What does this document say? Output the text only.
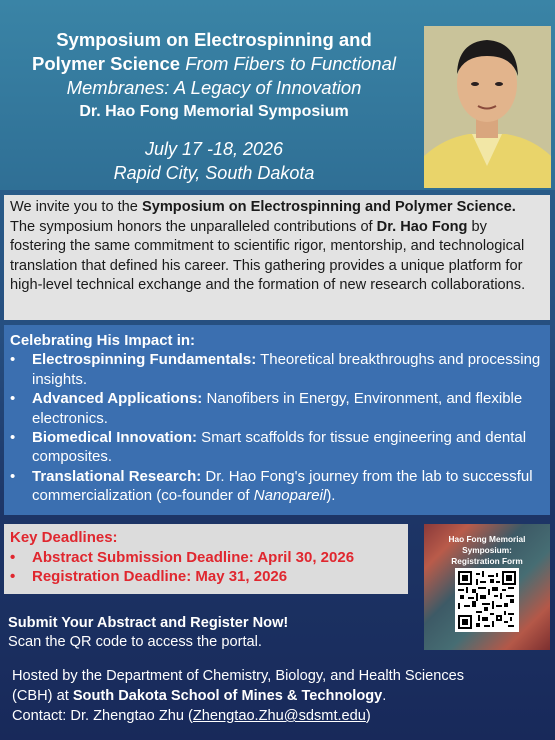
Symposium on Electrospinning and
Polymer Science From Fibers to Functional
Membranes: A Legacy of Innovation
Dr. Hao Fong Memorial Symposium
July 17 -18, 2026
Rapid City, South Dakota
We invite you to the Symposium on Electrospinning and Polymer Science. The symposium honors the unparalleled contributions of Dr. Hao Fong by fostering the same commitment to scientific rigor, mentorship, and technological translation that defined his career. This gathering provides a unique platform for high-level technical exchange and the formation of new research collaborations.
Celebrating His Impact in:
• Electrospinning Fundamentals: Theoretical breakthroughs and processing insights.
• Advanced Applications: Nanofibers in Energy, Environment, and flexible electronics.
• Biomedical Innovation: Smart scaffolds for tissue engineering and dental composites.
• Translational Research: Dr. Hao Fong's journey from the lab to successful commercialization (co-founder of Nanopareil).
Key Deadlines:
• Abstract Submission Deadline: April 30, 2026
• Registration Deadline: May 31, 2026
Hao Fong Memorial Symposium:
Registration Form
Submit Your Abstract and Register Now!
Scan the QR code to access the portal.
Hosted by the Department of Chemistry, Biology, and Health Sciences
(CBH) at South Dakota School of Mines & Technology.
Contact: Dr. Zhengtao Zhu (Zhengtao.Zhu@sdsmt.edu)
